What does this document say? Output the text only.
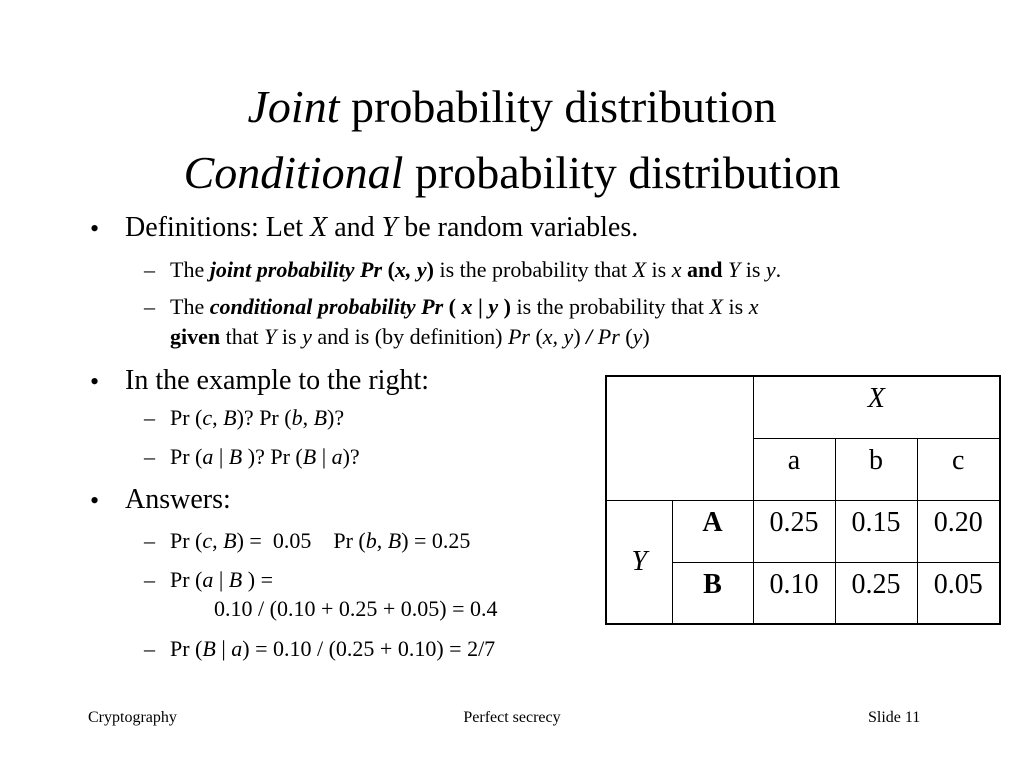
Joint probability distribution
Conditional probability distribution
• Definitions: Let X and Y be random variables.
– The joint probability Pr (x, y) is the probability that X is x and Y is y.
– The conditional probability Pr ( x | y ) is the probability that X is x
given that Y is y and is (by definition) Pr (x, y) / Pr (y)
• In the example to the right:
– Pr (c, B)? Pr (b, B)?
– Pr (a | B )? Pr (B | a)?
• Answers:
– Pr (c, B) =  0.05    Pr (b, B) = 0.25
– Pr (a | B ) =
0.10 / (0.10 + 0.25 + 0.05) = 0.4
– Pr (B | a) = 0.10 / (0.25 + 0.10) = 2/7
		X		
		a	b	c
Y	A	0.25	0.15	0.20
	B	0.10	0.25	0.05
Cryptography	Perfect secrecy	Slide 11
